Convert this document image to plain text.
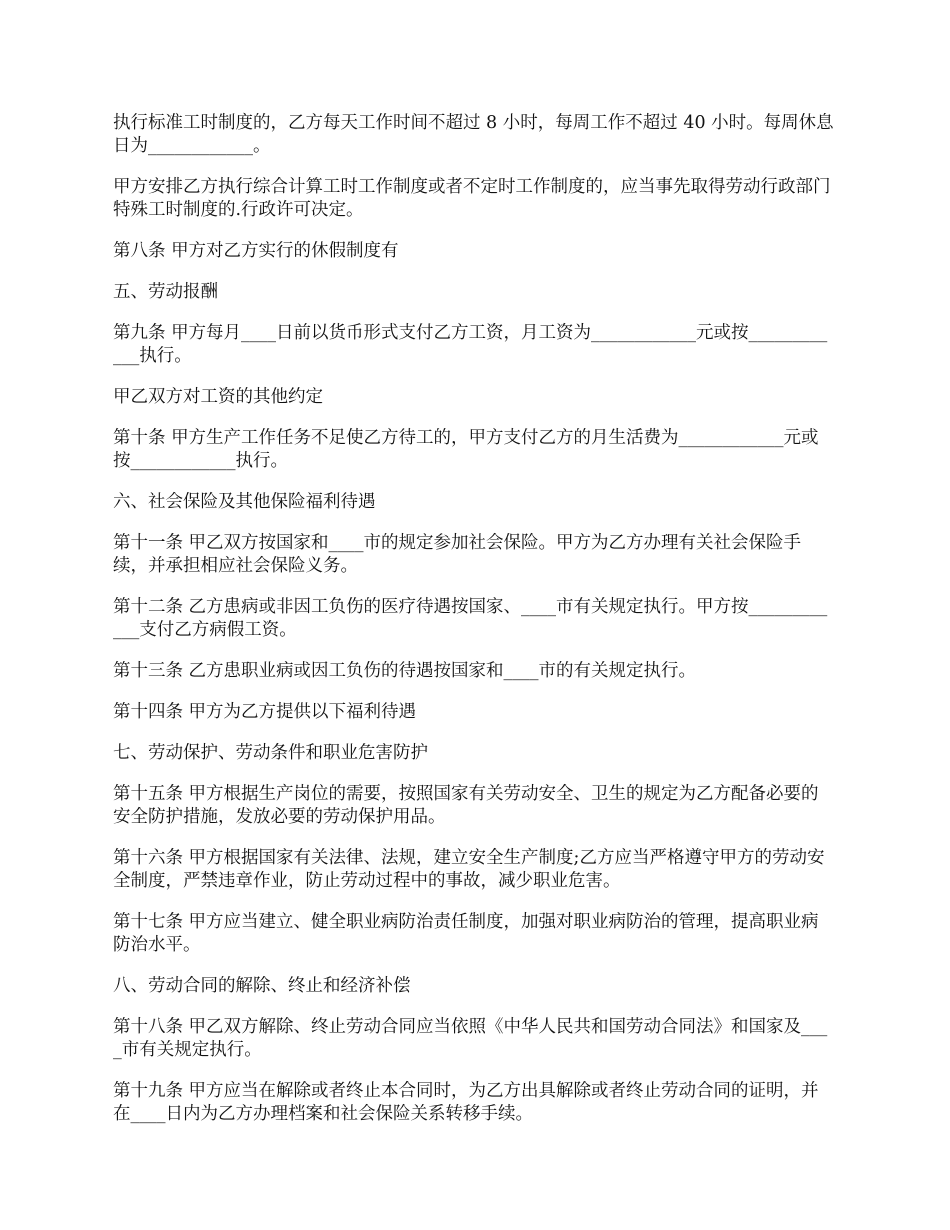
执行标准工时制度的，乙方每天工作时间不超过 8 小时，每周工作不超过 40 小时。每周休息日为____________。

甲方安排乙方执行综合计算工时工作制度或者不定时工作制度的，应当事先取得劳动行政部门特殊工时制度的.行政许可决定。

第八条 甲方对乙方实行的休假制度有

五、劳动报酬

第九条 甲方每月____日前以货币形式支付乙方工资，月工资为____________元或按____________执行。

甲乙双方对工资的其他约定

第十条 甲方生产工作任务不足使乙方待工的，甲方支付乙方的月生活费为____________元或按____________执行。

六、社会保险及其他保险福利待遇

第十一条 甲乙双方按国家和____市的规定参加社会保险。甲方为乙方办理有关社会保险手续，并承担相应社会保险义务。

第十二条 乙方患病或非因工负伤的医疗待遇按国家、____市有关规定执行。甲方按____________支付乙方病假工资。

第十三条 乙方患职业病或因工负伤的待遇按国家和____市的有关规定执行。

第十四条 甲方为乙方提供以下福利待遇

七、劳动保护、劳动条件和职业危害防护

第十五条 甲方根据生产岗位的需要，按照国家有关劳动安全、卫生的规定为乙方配备必要的安全防护措施，发放必要的劳动保护用品。

第十六条 甲方根据国家有关法律、法规，建立安全生产制度;乙方应当严格遵守甲方的劳动安全制度，严禁违章作业，防止劳动过程中的事故，减少职业危害。

第十七条 甲方应当建立、健全职业病防治责任制度，加强对职业病防治的管理，提高职业病防治水平。

八、劳动合同的解除、终止和经济补偿

第十八条 甲乙双方解除、终止劳动合同应当依照《中华人民共和国劳动合同法》和国家及____市有关规定执行。

第十九条 甲方应当在解除或者终止本合同时，为乙方出具解除或者终止劳动合同的证明，并在____日内为乙方办理档案和社会保险关系转移手续。
